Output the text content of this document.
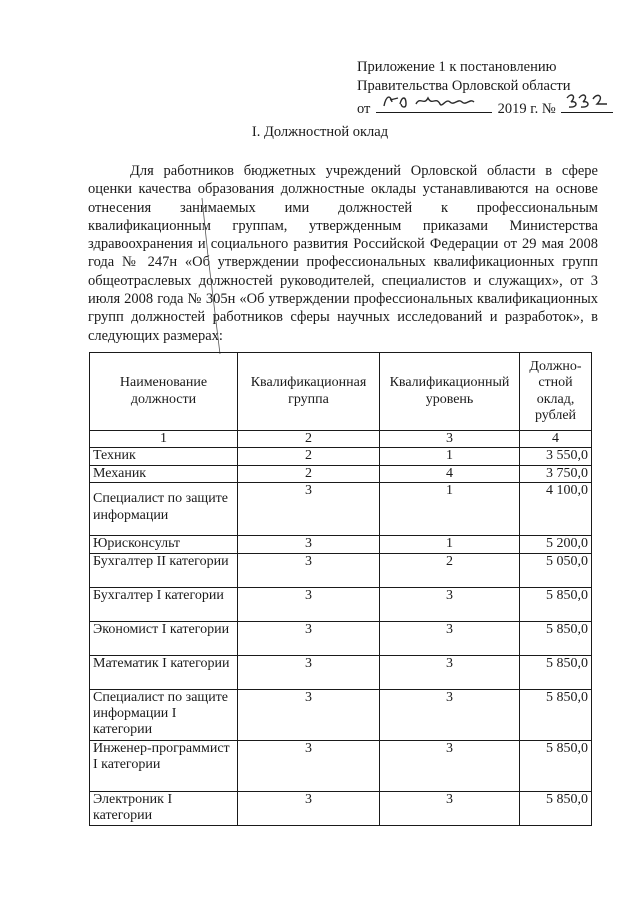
Приложение 1 к постановлению
Правительства Орловской области
от	2019 г. №
I. Должностной оклад
Для работников бюджетных учреждений Орловской области в сфере оценки качества образования должностные оклады устанавливаются на основе отнесения занимаемых ими должностей к профессиональным квалификационным группам, утвержденным приказами Министерства здравоохранения и социального развития Российской Федерации от 29 мая 2008 года № 247н «Об утверждении профессиональных квалификационных групп общеотраслевых должностей руководителей, специалистов и служащих», от 3 июля 2008 года № 305н «Об утверждении профессиональных квалификационных групп должностей работников сферы научных исследований и разработок», в следующих размерах:
Наименование должности	Квалификационная группа	Квалификационный уровень	Должно-стной оклад, рублей
1	2	3	4
Техник	2	1	3 550,0
Механик	2	4	3 750,0

Специалист по защите информации	3	1	4 100,0
Юрисконсульт	3	1	5 200,0
Бухгалтер II категории	3	2	5 050,0
Бухгалтер I категории	3	3	5 850,0
Экономист I категории	3	3	5 850,0
Математик I категории	3	3	5 850,0
Специалист по защите информации I категории	3	3	5 850,0
Инженер-программист I категории	3	3	5 850,0
Электроник I категории	3	3	5 850,0
